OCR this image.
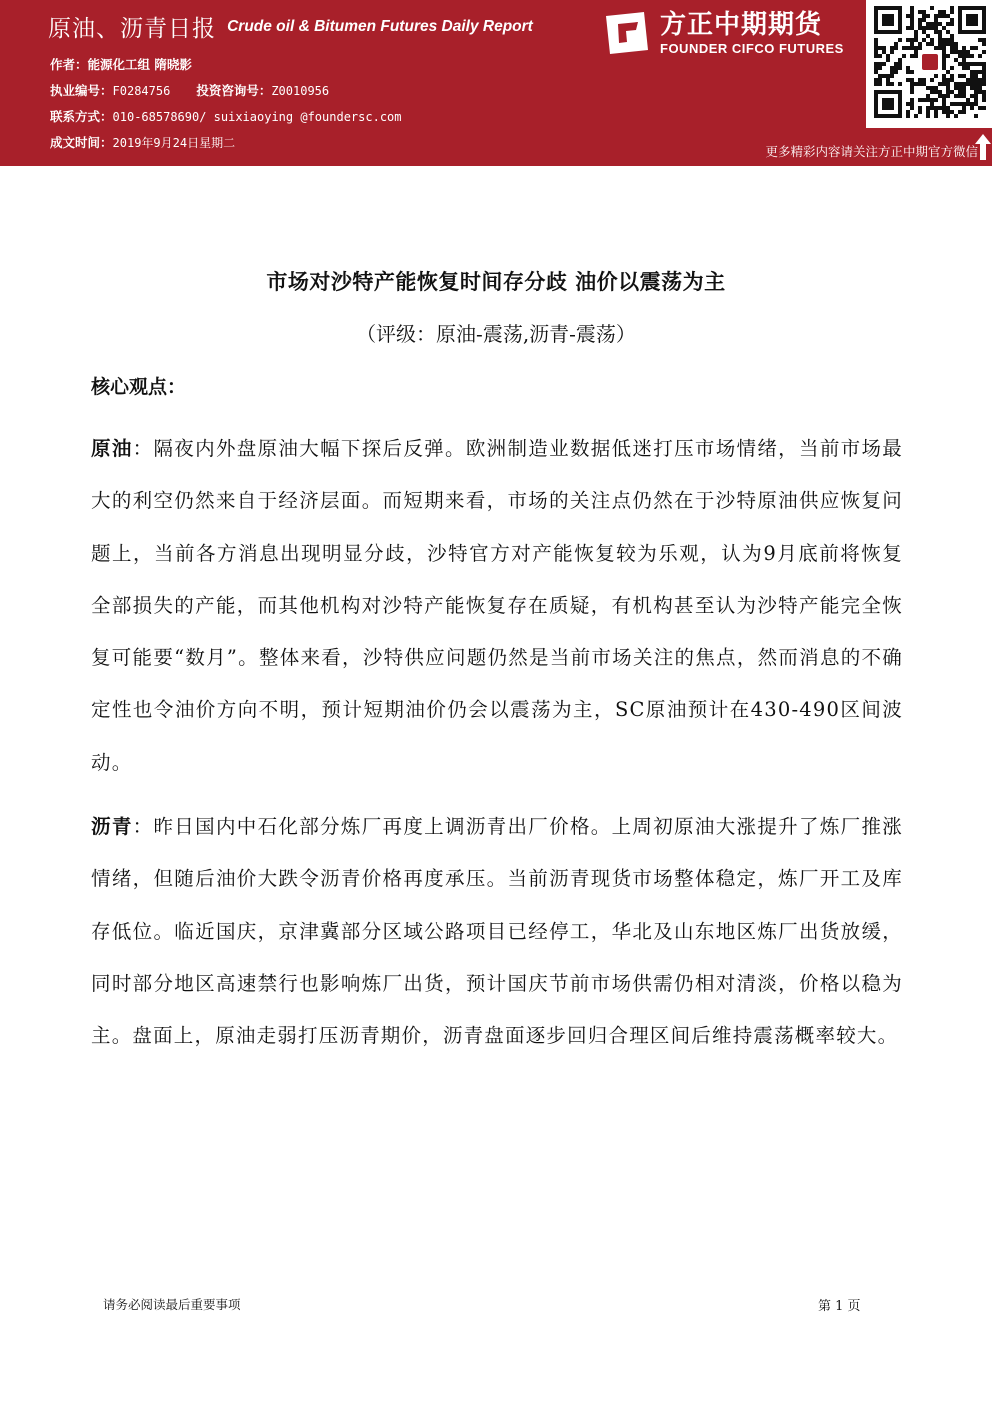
原油、沥青日报 Crude oil & Bitumen Futures Daily Report
作者：能源化工组 隋晓影
执业编号：F0284756 投资咨询号：Z0010956
联系方式：010-68578690/ suixiaoying @foundersc.com
成文时间：2019年9月24日星期二
方正中期期货
FOUNDER CIFCO FUTURES
更多精彩内容请关注方正中期官方微信
市场对沙特产能恢复时间存分歧 油价以震荡为主
（评级：原油-震荡,沥青-震荡）
核心观点：
原油：隔夜内外盘原油大幅下探后反弹。欧洲制造业数据低迷打压市场情绪，当前市场最大的利空仍然来自于经济层面。而短期来看，市场的关注点仍然在于沙特原油供应恢复问题上，当前各方消息出现明显分歧，沙特官方对产能恢复较为乐观，认为9月底前将恢复全部损失的产能，而其他机构对沙特产能恢复存在质疑，有机构甚至认为沙特产能完全恢复可能要“数月”。整体来看，沙特供应问题仍然是当前市场关注的焦点，然而消息的不确定性也令油价方向不明，预计短期油价仍会以震荡为主，SC原油预计在430-490区间波动。
沥青：昨日国内中石化部分炼厂再度上调沥青出厂价格。上周初原油大涨提升了炼厂推涨情绪，但随后油价大跌令沥青价格再度承压。当前沥青现货市场整体稳定，炼厂开工及库存低位。临近国庆，京津冀部分区域公路项目已经停工，华北及山东地区炼厂出货放缓，同时部分地区高速禁行也影响炼厂出货，预计国庆节前市场供需仍相对清淡，价格以稳为主。盘面上，原油走弱打压沥青期价，沥青盘面逐步回归合理区间后维持震荡概率较大。
请务必阅读最后重要事项	第 1 页
